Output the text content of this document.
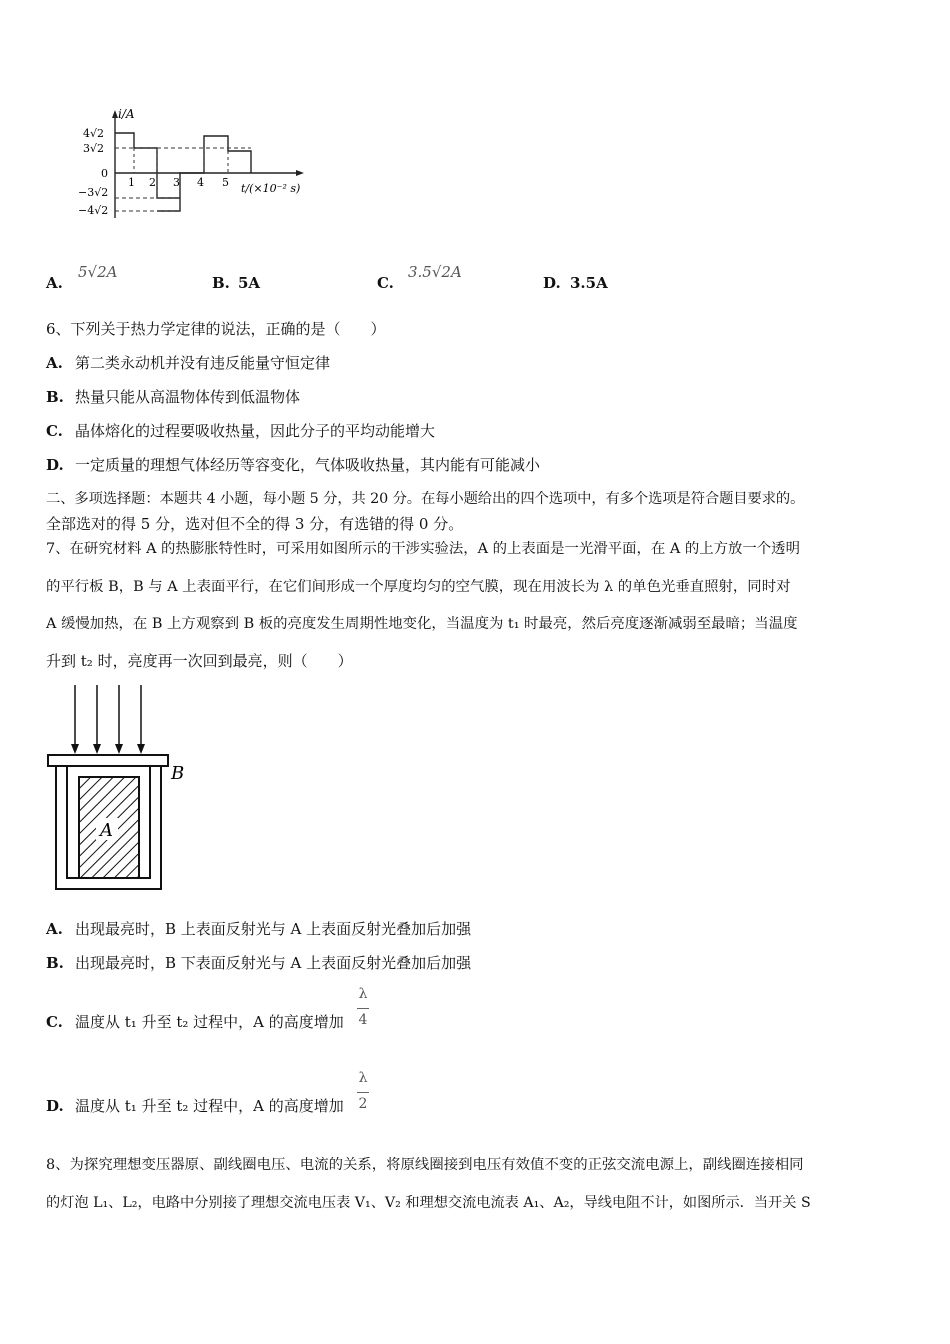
i/A
4√2
3√2
0
−3√2
−4√2
1 2 3 4 5 t/(×10⁻² s)
A.
5√2A
B. 5A	C.
3.5√2A
D. 3.5A
6、下列关于热力学定律的说法，正确的是（　　）
A. 第二类永动机并没有违反能量守恒定律
B. 热量只能从高温物体传到低温物体
C. 晶体熔化的过程要吸收热量，因此分子的平均动能增大
D. 一定质量的理想气体经历等容变化，气体吸收热量，其内能有可能减小
二、多项选择题：本题共 4 小题，每小题 5 分，共 20 分。在每小题给出的四个选项中，有多个选项是符合题目要求的。
全部选对的得 5 分，选对但不全的得 3 分，有选错的得 0 分。
7、在研究材料 A 的热膨胀特性时，可采用如图所示的干涉实验法，A 的上表面是一光滑平面，在 A 的上方放一个透明
的平行板 B，B 与 A 上表面平行，在它们间形成一个厚度均匀的空气膜，现在用波长为 λ 的单色光垂直照射，同时对
A 缓慢加热，在 B 上方观察到 B 板的亮度发生周期性地变化，当温度为 t₁ 时最亮，然后亮度逐渐减弱至最暗；当温度
升到 t₂ 时，亮度再一次回到最亮，则（　　）
A
B
A. 出现最亮时，B 上表面反射光与 A 上表面反射光叠加后加强
B. 出现最亮时，B 下表面反射光与 A 上表面反射光叠加后加强
C. 温度从 t₁ 升至 t₂ 过程中，A 的高度增加
λ
4
D. 温度从 t₁ 升至 t₂ 过程中，A 的高度增加
λ
2
8、为探究理想变压器原、副线圈电压、电流的关系，将原线圈接到电压有效值不变的正弦交流电源上，副线圈连接相同
的灯泡 L₁、L₂，电路中分别接了理想交流电压表 V₁、V₂ 和理想交流电流表 A₁、A₂，导线电阻不计，如图所示．当开关 S
